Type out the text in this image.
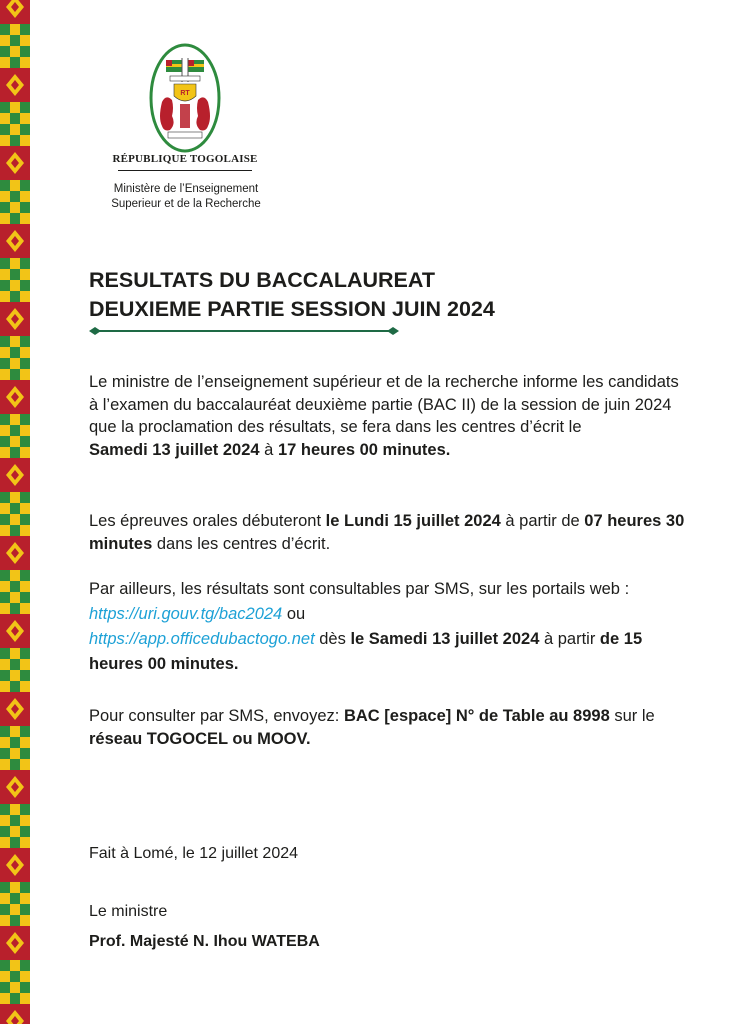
RT
RÉPUBLIQUE TOGOLAISE
Ministère de l’Enseignement
Superieur et de la Recherche
RESULTATS DU BACCALAUREAT
DEUXIEME PARTIE SESSION JUIN 2024

Le ministre de l’enseignement supérieur et de la recherche informe les candidats à l’examen du baccalauréat deuxième partie (BAC II) de la session de juin 2024 que la proclamation des résultats, se fera dans les centres d’écrit le
Samedi 13 juillet 2024 à 17 heures 00 minutes.

Les épreuves orales débuteront le Lundi 15 juillet 2024 à partir de 07 heures 30 minutes dans les centres d’écrit.

Par ailleurs, les résultats sont consultables par SMS, sur les portails web : https://uri.gouv.tg/bac2024 ou
https://app.officedubactogo.net dès le Samedi 13 juillet 2024 à partir de 15 heures 00 minutes.

Pour consulter par SMS, envoyez: BAC [espace] N° de Table au 8998 sur le réseau TOGOCEL ou MOOV.

Fait à Lomé, le 12 juillet 2024
Le ministre
Prof. Majesté N. Ihou WATEBA
